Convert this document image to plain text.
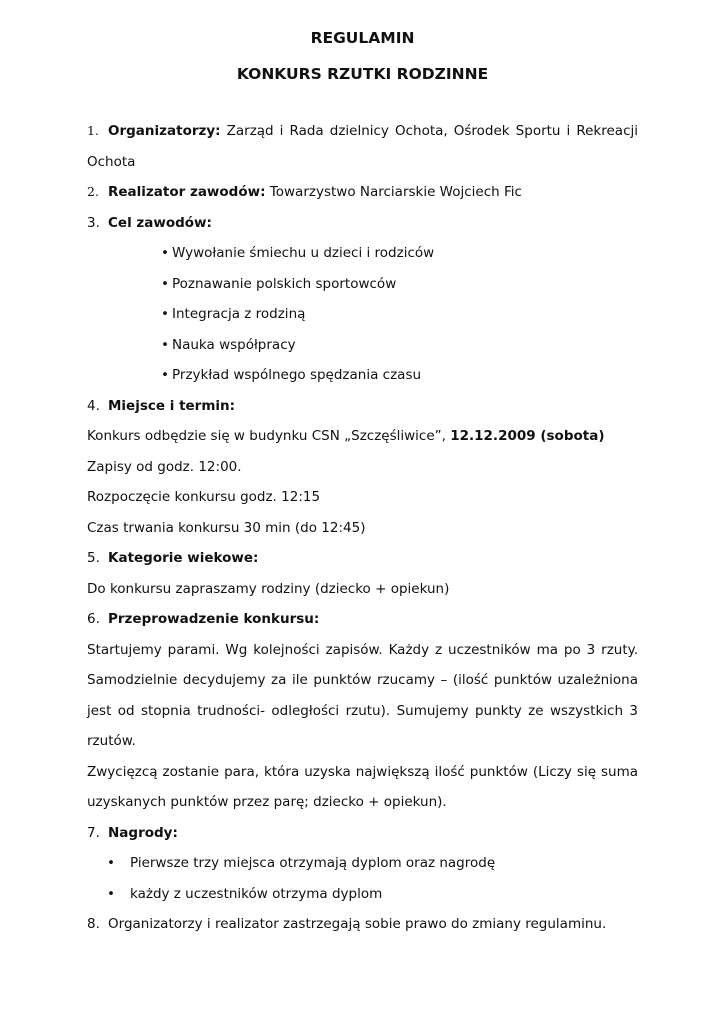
REGULAMIN
KONKURS RZUTKI RODZINNE
1. Organizatorzy: Zarząd i Rada dzielnicy Ochota, Ośrodek Sportu i Rekreacji
Ochota
2. Realizator zawodów: Towarzystwo Narciarskie Wojciech Fic
3. Cel zawodów:
• Wywołanie śmiechu u dzieci i rodziców
• Poznawanie polskich sportowców
• Integracja z rodziną
• Nauka współpracy
• Przykład wspólnego spędzania czasu
4. Miejsce i termin:
Konkurs odbędzie się w budynku CSN „Szczęśliwice”, 12.12.2009 (sobota)
Zapisy od godz. 12:00.
Rozpoczęcie konkursu godz. 12:15
Czas trwania konkursu 30 min (do 12:45)
5. Kategorie wiekowe:
Do konkursu zapraszamy rodziny (dziecko + opiekun)
6. Przeprowadzenie konkursu:
Startujemy parami. Wg kolejności zapisów. Każdy z uczestników ma po 3 rzuty.
Samodzielnie decydujemy za ile punktów rzucamy – (ilość punktów uzależniona
jest od stopnia trudności- odległości rzutu). Sumujemy punkty ze wszystkich 3
rzutów.
Zwycięzcą zostanie para, która uzyska największą ilość punktów (Liczy się suma
uzyskanych punktów przez parę; dziecko + opiekun).
7. Nagrody:
• Pierwsze trzy miejsca otrzymają dyplom oraz nagrodę
• każdy z uczestników otrzyma dyplom
8. Organizatorzy i realizator zastrzegają sobie prawo do zmiany regulaminu.
